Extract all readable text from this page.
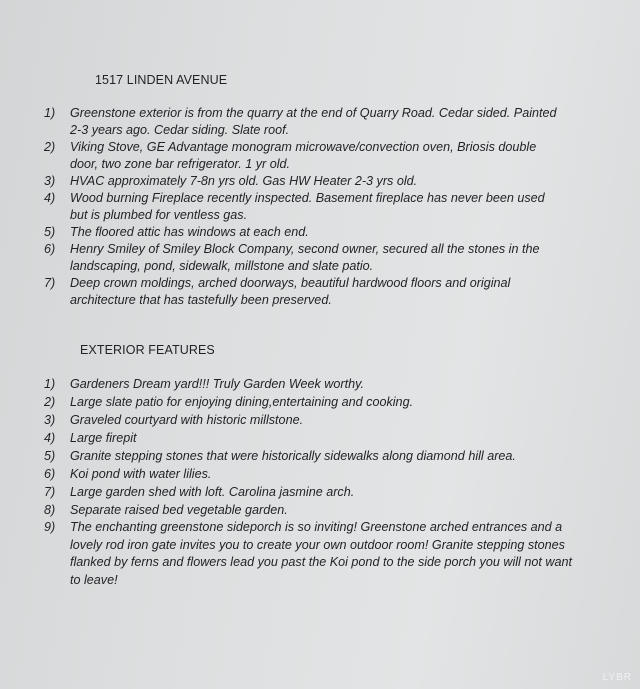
1517 LINDEN AVENUE
1) Greenstone exterior is from the quarry at the end of Quarry Road. Cedar sided. Painted 2-3 years ago. Cedar siding. Slate roof.
2) Viking Stove, GE Advantage monogram microwave/convection oven, Briosis double door, two zone bar refrigerator. 1 yr old.
3) HVAC approximately 7-8n yrs old. Gas HW Heater 2-3 yrs old.
4) Wood burning Fireplace recently inspected. Basement fireplace has never been used but is plumbed for ventless gas.
5) The floored attic has windows at each end.
6) Henry Smiley of Smiley Block Company, second owner, secured all the stones in the landscaping, pond, sidewalk, millstone and slate patio.
7) Deep crown moldings, arched doorways, beautiful hardwood floors and original architecture that has tastefully been preserved.
EXTERIOR FEATURES
1) Gardeners Dream yard!!! Truly Garden Week worthy.
2) Large slate patio for enjoying dining,entertaining and cooking.
3) Graveled courtyard with historic millstone.
4) Large firepit
5) Granite stepping stones that were historically sidewalks along diamond hill area.
6) Koi pond with water lilies.
7) Large garden shed with loft. Carolina jasmine arch.
8) Separate raised bed vegetable garden.
9) The enchanting greenstone sideporch is so inviting! Greenstone arched entrances and a lovely rod iron gate invites you to create your own outdoor room! Granite stepping stones flanked by ferns and flowers lead you past the Koi pond to the side porch you will not want to leave!
LYBR
